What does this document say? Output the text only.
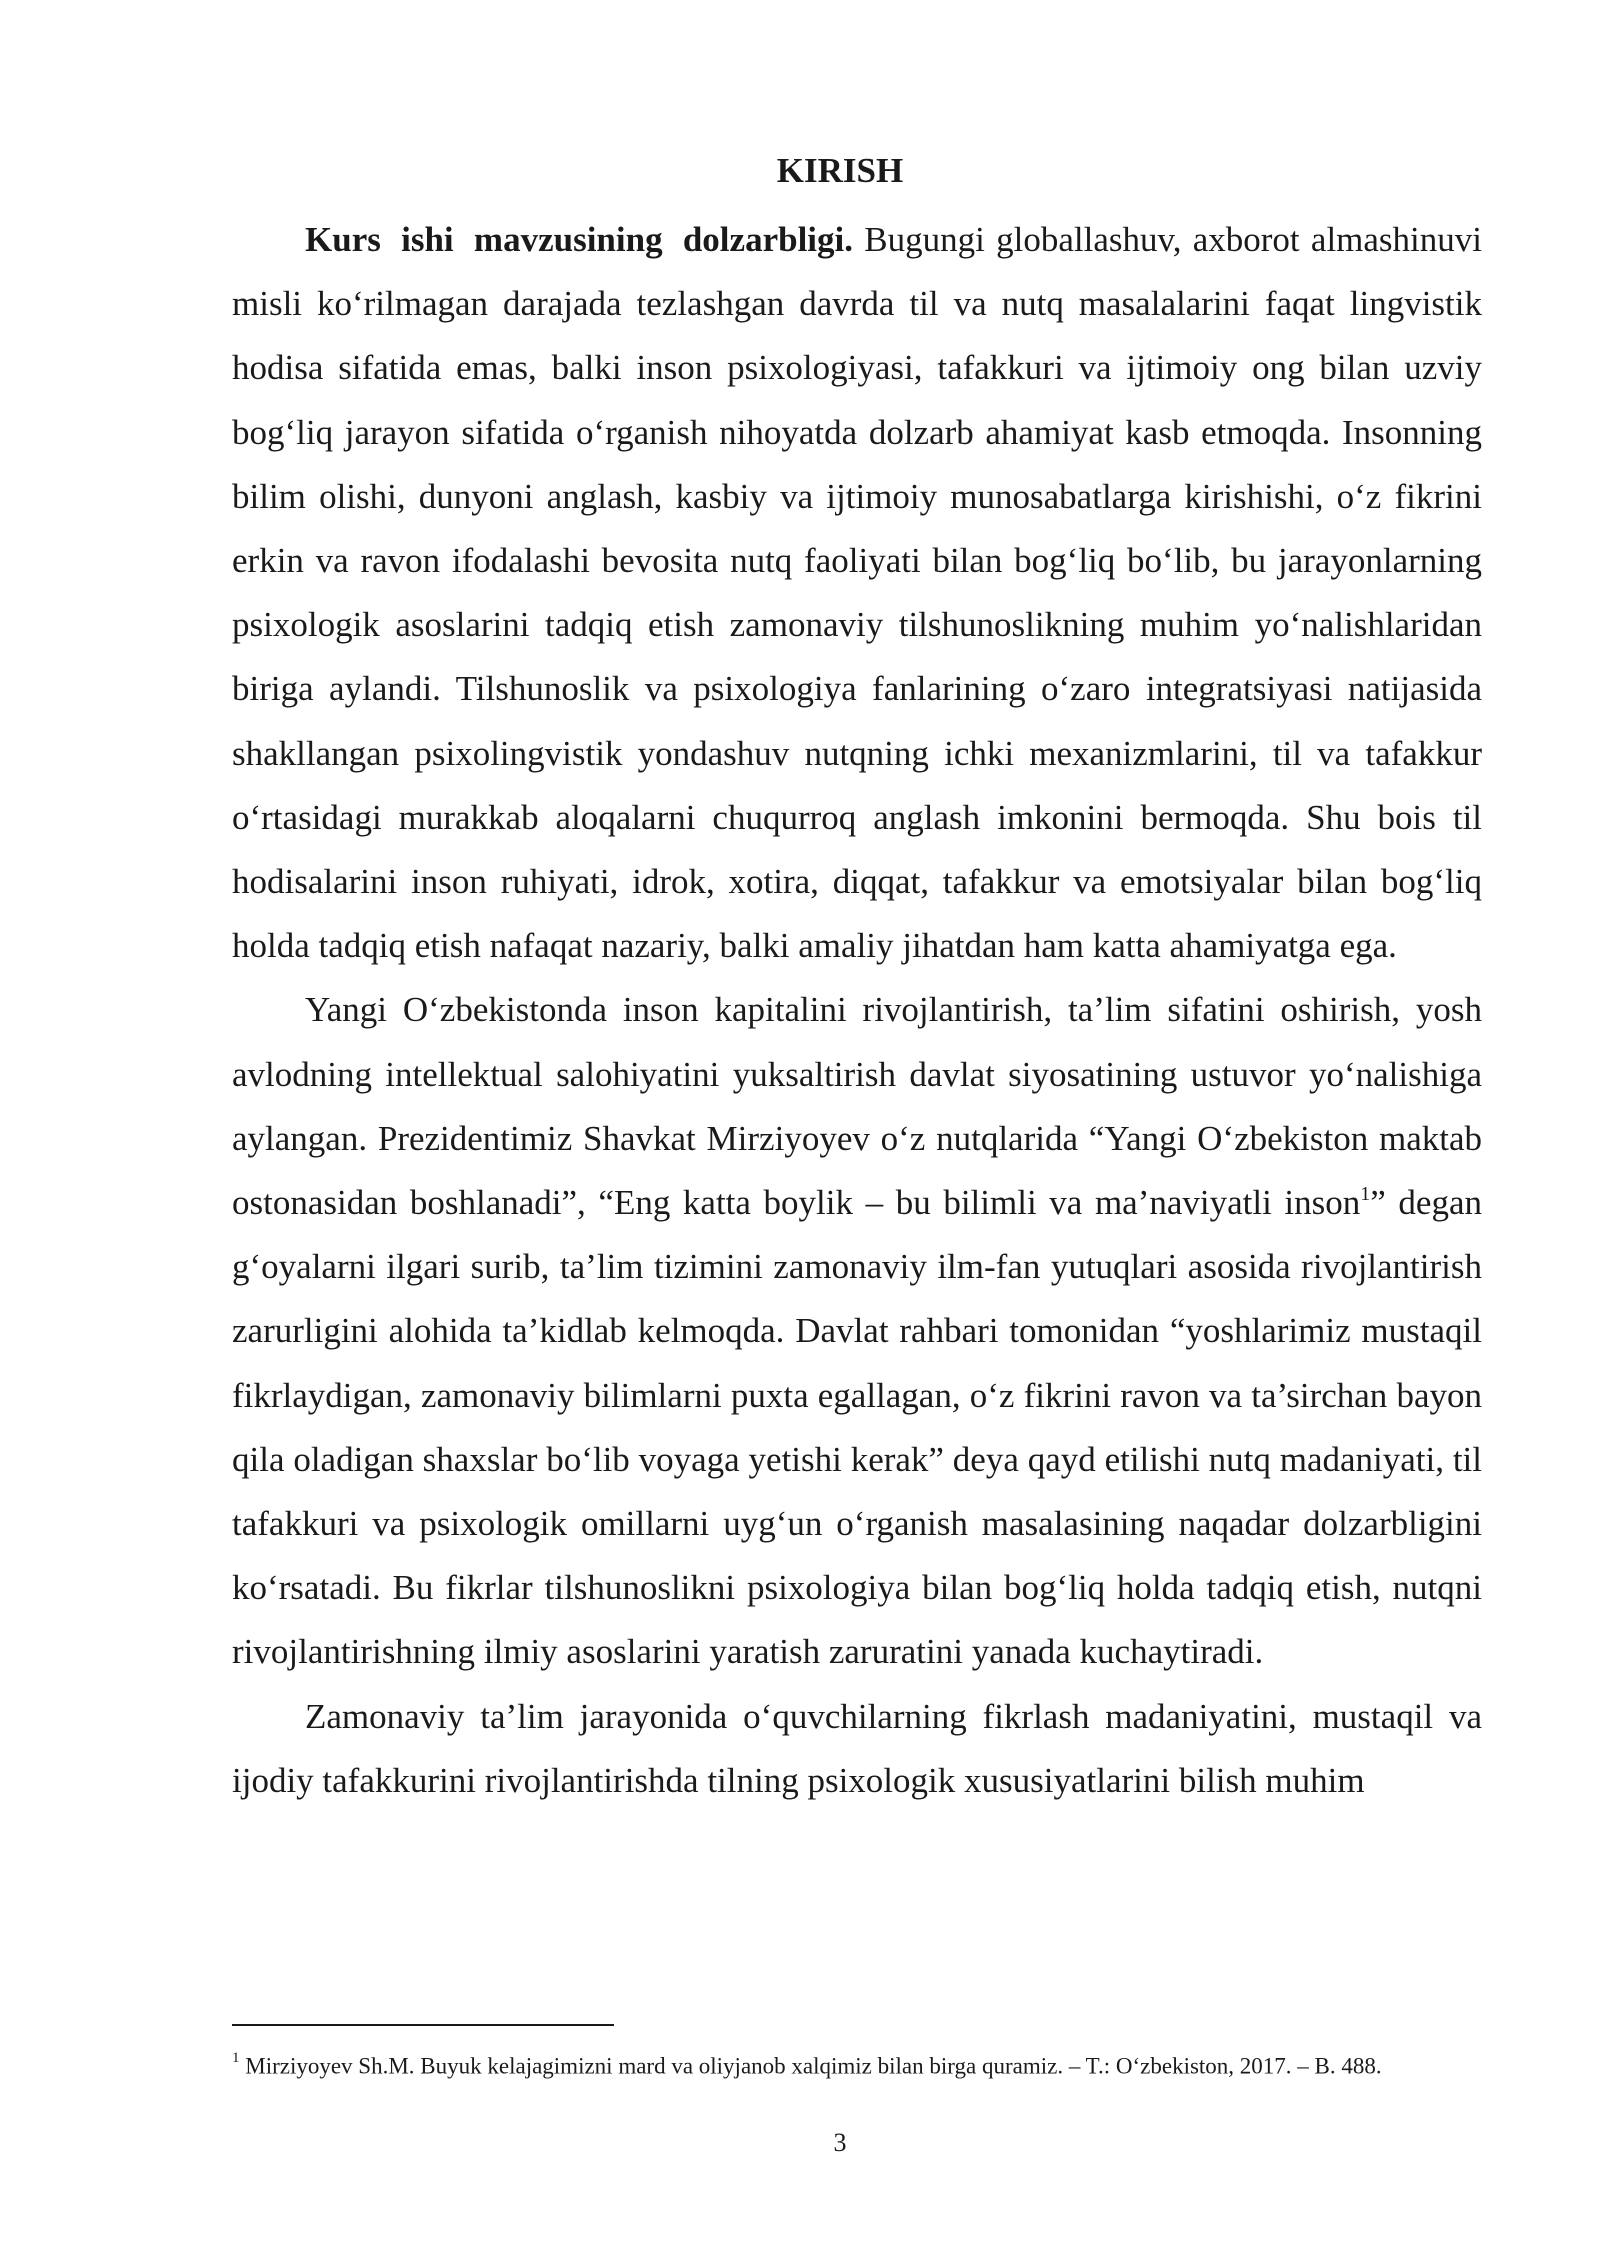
KIRISH

Kurs ishi mavzusining dolzarbligi. Bugungi globallashuv, axborot almashinuvi misli ko‘rilmagan darajada tezlashgan davrda til va nutq masalalarini faqat lingvistik hodisa sifatida emas, balki inson psixologiyasi, tafakkuri va ijtimoiy ong bilan uzviy bog‘liq jarayon sifatida o‘rganish nihoyatda dolzarb ahamiyat kasb etmoqda. Insonning bilim olishi, dunyoni anglash, kasbiy va ijtimoiy munosabatlarga kirishishi, o‘z fikrini erkin va ravon ifodalashi bevosita nutq faoliyati bilan bog‘liq bo‘lib, bu jarayonlarning psixologik asoslarini tadqiq etish zamonaviy tilshunoslikning muhim yo‘nalishlaridan biriga aylandi. Tilshunoslik va psixologiya fanlarining o‘zaro integratsiyasi natijasida shakllangan psixolingvistik yondashuv nutqning ichki mexanizmlarini, til va tafakkur o‘rtasidagi murakkab aloqalarni chuqurroq anglash imkonini bermoqda. Shu bois til hodisalarini inson ruhiyati, idrok, xotira, diqqat, tafakkur va emotsiyalar bilan bog‘liq holda tadqiq etish nafaqat nazariy, balki amaliy jihatdan ham katta ahamiyatga ega.

Yangi O‘zbekistonda inson kapitalini rivojlantirish, ta’lim sifatini oshirish, yosh avlodning intellektual salohiyatini yuksaltirish davlat siyosatining ustuvor yo‘nalishiga aylangan. Prezidentimiz Shavkat Mirziyoyev o‘z nutqlarida “Yangi O‘zbekiston maktab ostonasidan boshlanadi”, “Eng katta boylik – bu bilimli va ma’naviyatli inson$^1$” degan g‘oyalarni ilgari surib, ta’lim tizimini zamonaviy ilm-fan yutuqlari asosida rivojlantirish zarurligini alohida ta’kidlab kelmoqda. Davlat rahbari tomonidan “yoshlarimiz mustaqil fikrlaydigan, zamonaviy bilimlarni puxta egallagan, o‘z fikrini ravon va ta’sirchan bayon qila oladigan shaxslar bo‘lib voyaga yetishi kerak” deya qayd etilishi nutq madaniyati, til tafakkuri va psixologik omillarni uyg‘un o‘rganish masalasining naqadar dolzarbligini ko‘rsatadi. Bu fikrlar tilshunoslikni psixologiya bilan bog‘liq holda tadqiq etish, nutqni rivojlantirishning ilmiy asoslarini yaratish zaruratini yanada kuchaytiradi.

Zamonaviy ta’lim jarayonida o‘quvchilarning fikrlash madaniyatini, mustaqil va ijodiy tafakkurini rivojlantirishda tilning psixologik xususiyatlarini bilish muhim

$^1$ Mirziyoyev Sh.M. Buyuk kelajagimizni mard va oliyjanob xalqimiz bilan birga quramiz. – T.: O‘zbekiston, 2017. – B. 488.
3
